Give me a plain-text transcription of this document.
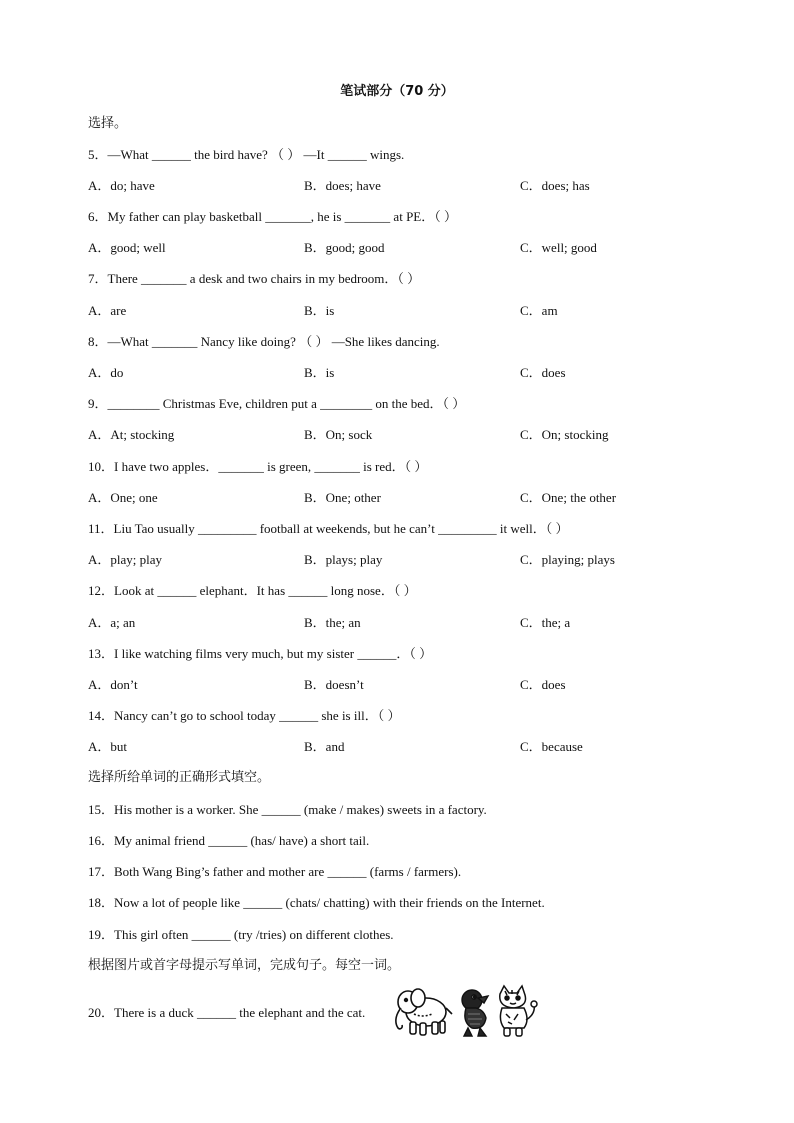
笔试部分（70 分）
选择。
5．—What ______ the bird have? （ ） —It ______ wings.
A．do; have	B．does; have	C．does; has
6．My father can play basketball _______, he is _______ at PE．（ ）
A．good; well	B．good; good	C．well; good
7．There _______ a desk and two chairs in my bedroom．（ ）
A．are	B．is	C．am
8．—What _______ Nancy like doing? （ ） —She likes dancing.
A．do	B．is	C．does
9．________ Christmas Eve, children put a ________ on the bed．（ ）
A．At; stocking	B．On; sock	C．On; stocking
10．I have two apples．_______ is green, _______ is red．（ ）
A．One; one	B．One; other	C．One; the other
11．Liu Tao usually _________ football at weekends, but he can’t _________ it well．（ ）
A．play; play	B．plays; play	C．playing; plays
12．Look at ______ elephant．It has ______ long nose．（ ）
A．a; an	B．the; an	C．the; a
13．I like watching films very much, but my sister ______．（ ）
A．don’t	B．doesn’t	C．does
14．Nancy can’t go to school today ______ she is ill．（ ）
A．but	B．and	C．because
选择所给单词的正确形式填空。
15．His mother is a worker. She ______ (make / makes) sweets in a factory.
16．My animal friend ______ (has/ have) a short tail.
17．Both Wang Bing’s father and mother are ______ (farms / farmers).
18．Now a lot of people like ______ (chats/ chatting) with their friends on the Internet.
19．This girl often ______ (try /tries) on different clothes.
根据图片或首字母提示写单词，完成句子。每空一词。
20．There is a duck ______ the elephant and the cat.
